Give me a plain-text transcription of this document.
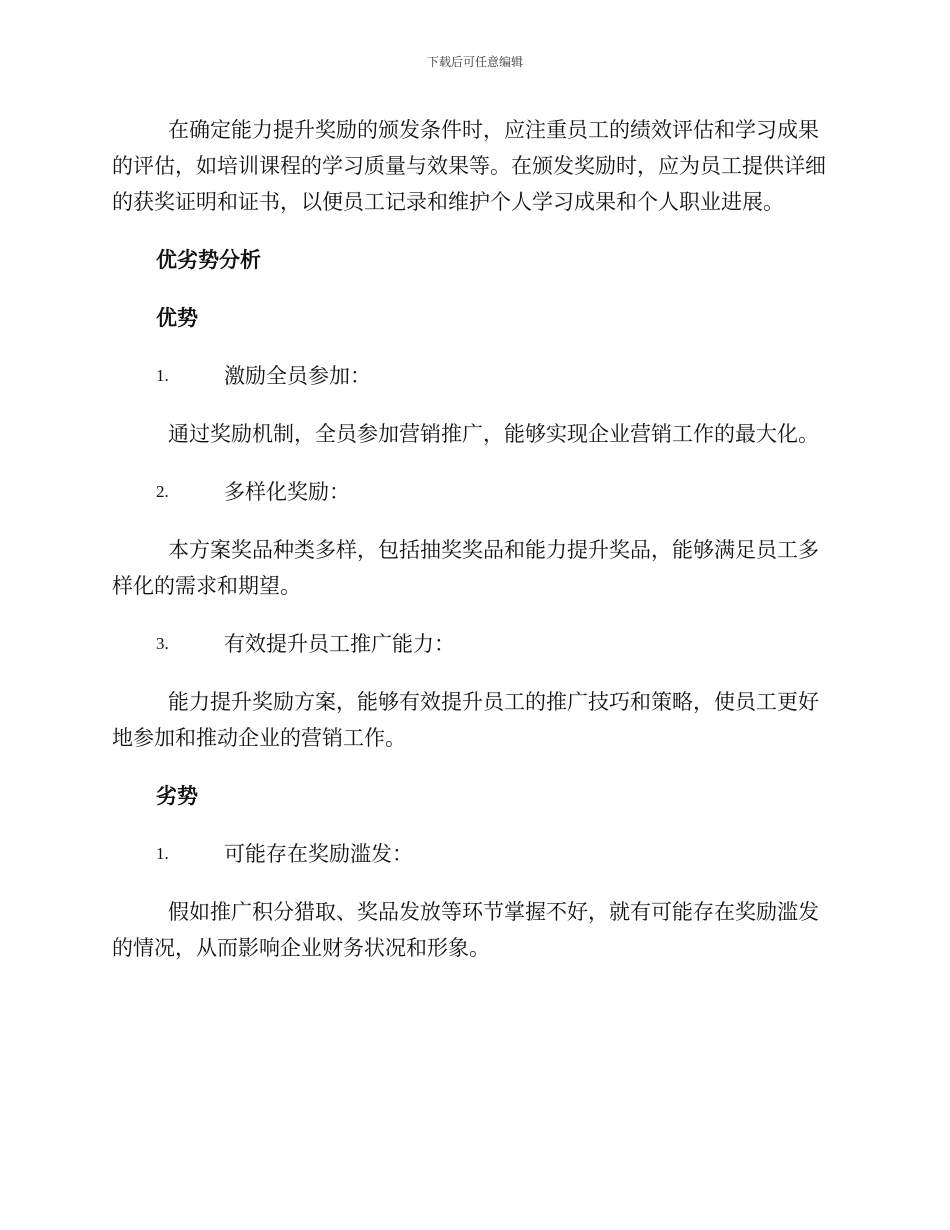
下载后可任意编辑

在确定能力提升奖励的颁发条件时，应注重员工的绩效评估和学习成果的评估，如培训课程的学习质量与效果等。在颁发奖励时，应为员工提供详细的获奖证明和证书，以便员工记录和维护个人学习成果和个人职业进展。

优劣势分析
优势
1.	激励全员参加：

通过奖励机制，全员参加营销推广，能够实现企业营销工作的最大化。

2.	多样化奖励：

本方案奖品种类多样，包括抽奖奖品和能力提升奖品，能够满足员工多样化的需求和期望。

3.	有效提升员工推广能力：

能力提升奖励方案，能够有效提升员工的推广技巧和策略，使员工更好地参加和推动企业的营销工作。

劣势
1.	可能存在奖励滥发：

假如推广积分猎取、奖品发放等环节掌握不好，就有可能存在奖励滥发的情况，从而影响企业财务状况和形象。
